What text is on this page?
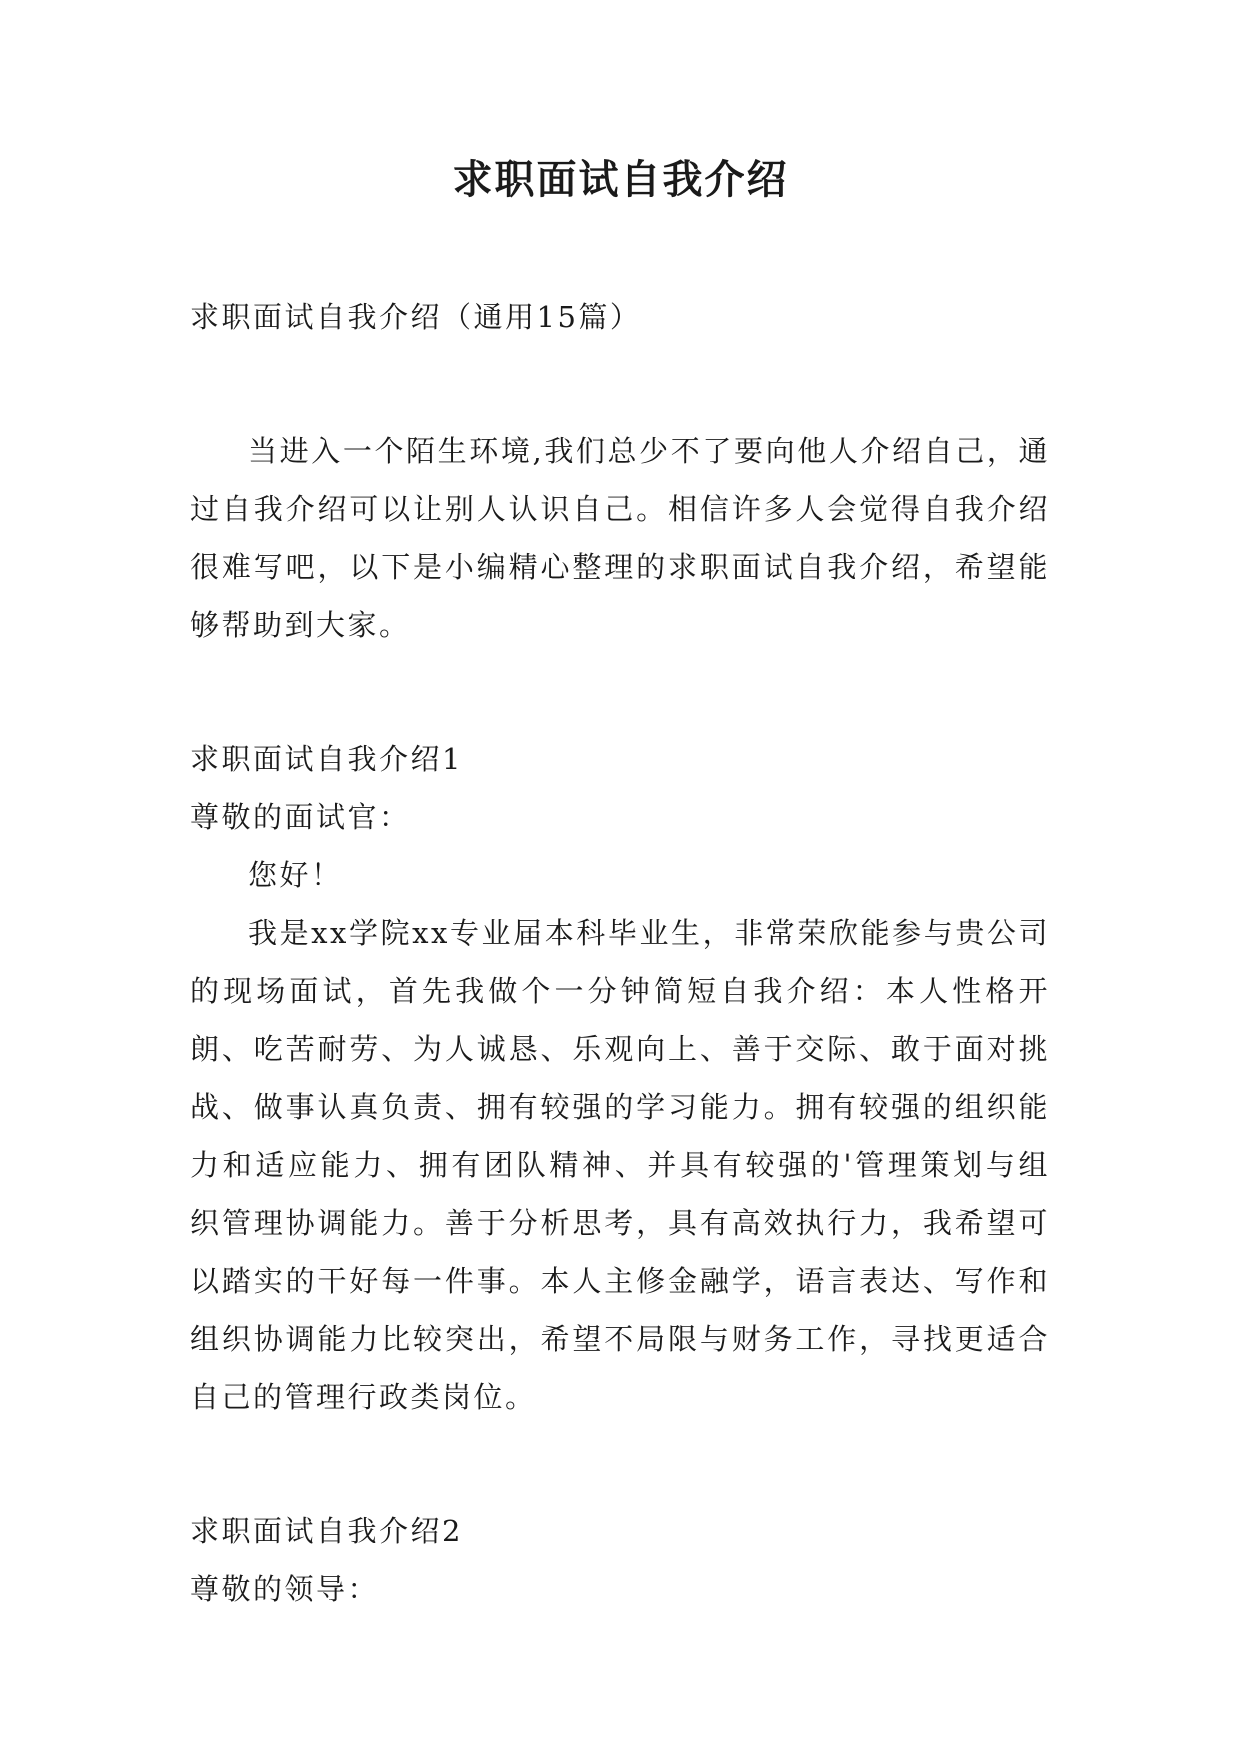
求职面试自我介绍

求职面试自我介绍（通用15篇）

当进入一个陌生环境,我们总少不了要向他人介绍自己，通过自我介绍可以让别人认识自己。相信许多人会觉得自我介绍很难写吧，以下是小编精心整理的求职面试自我介绍，希望能够帮助到大家。

求职面试自我介绍1

尊敬的面试官：

您好！

我是xx学院xx专业届本科毕业生，非常荣欣能参与贵公司的现场面试，首先我做个一分钟简短自我介绍：本人性格开朗、吃苦耐劳、为人诚恳、乐观向上、善于交际、敢于面对挑战、做事认真负责、拥有较强的学习能力。拥有较强的组织能力和适应能力、拥有团队精神、并具有较强的'管理策划与组织管理协调能力。善于分析思考，具有高效执行力，我希望可以踏实的干好每一件事。本人主修金融学，语言表达、写作和组织协调能力比较突出，希望不局限与财务工作，寻找更适合自己的管理行政类岗位。

求职面试自我介绍2

尊敬的领导：
